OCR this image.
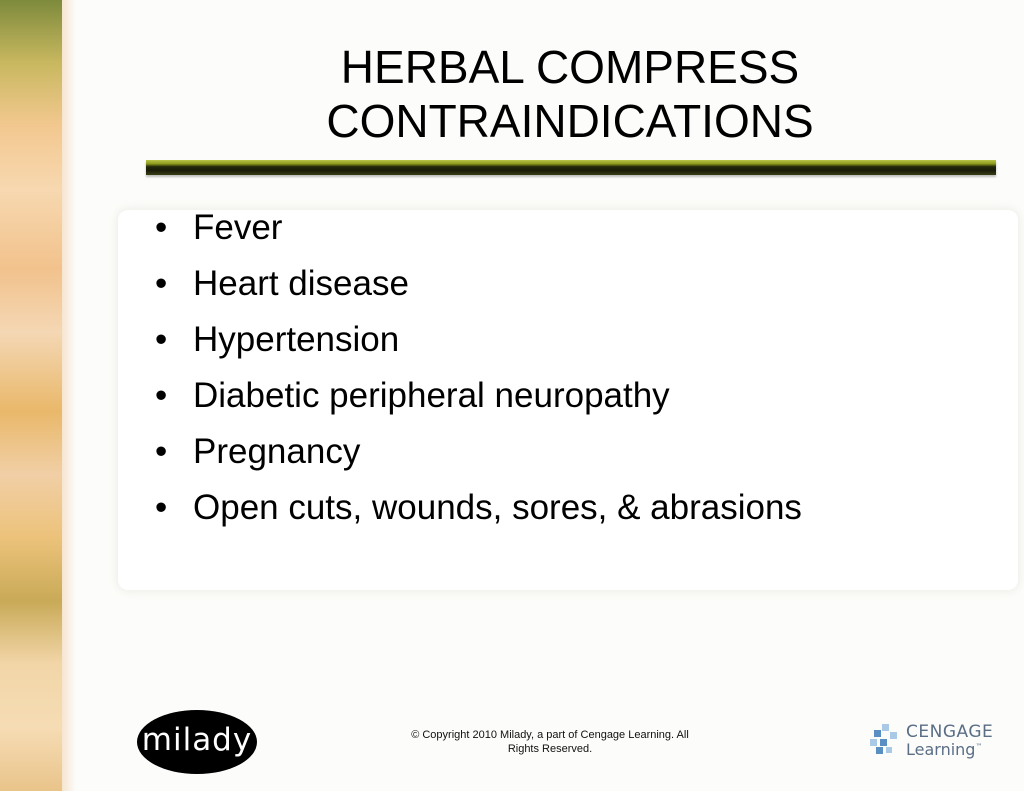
HERBAL COMPRESS
CONTRAINDICATIONS
• Fever
• Heart disease
• Hypertension
• Diabetic peripheral neuropathy
• Pregnancy
• Open cuts, wounds, sores, & abrasions
milady	© Copyright 2010 Milady, a part of Cengage Learning. All
Rights Reserved.
CENGAGE
Learning™
